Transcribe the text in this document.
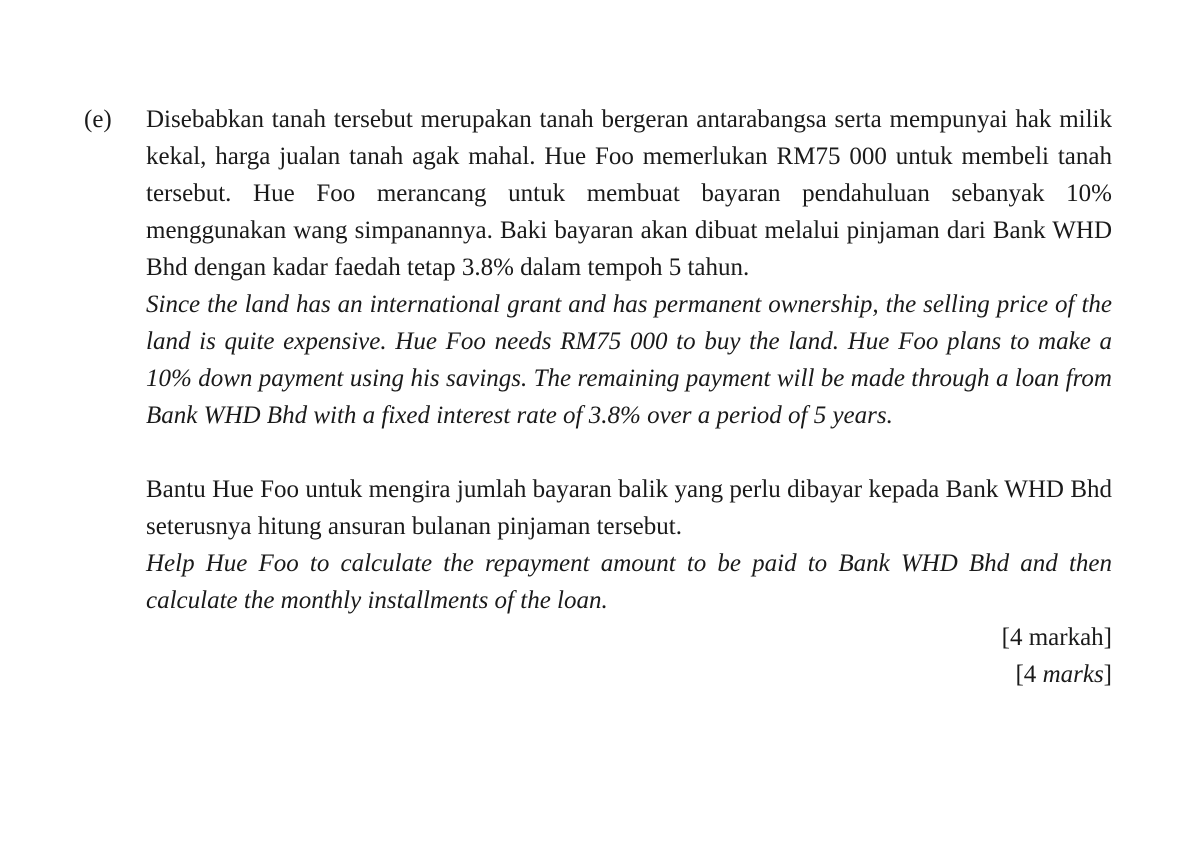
(e) Disebabkan tanah tersebut merupakan tanah bergeran antarabangsa serta mempunyai hak milik kekal, harga jualan tanah agak mahal. Hue Foo memerlukan RM75 000 untuk membeli tanah tersebut. Hue Foo merancang untuk membuat bayaran pendahuluan sebanyak 10% menggunakan wang simpanannya. Baki bayaran akan dibuat melalui pinjaman dari Bank WHD Bhd dengan kadar faedah tetap 3.8% dalam tempoh 5 tahun.

Since the land has an international grant and has permanent ownership, the selling price of the land is quite expensive. Hue Foo needs RM75 000 to buy the land. Hue Foo plans to make a 10% down payment using his savings. The remaining payment will be made through a loan from Bank WHD Bhd with a fixed interest rate of 3.8% over a period of 5 years.

Bantu Hue Foo untuk mengira jumlah bayaran balik yang perlu dibayar kepada Bank WHD Bhd seterusnya hitung ansuran bulanan pinjaman tersebut.

Help Hue Foo to calculate the repayment amount to be paid to Bank WHD Bhd and then calculate the monthly installments of the loan.

[4 markah]

[4 marks]
